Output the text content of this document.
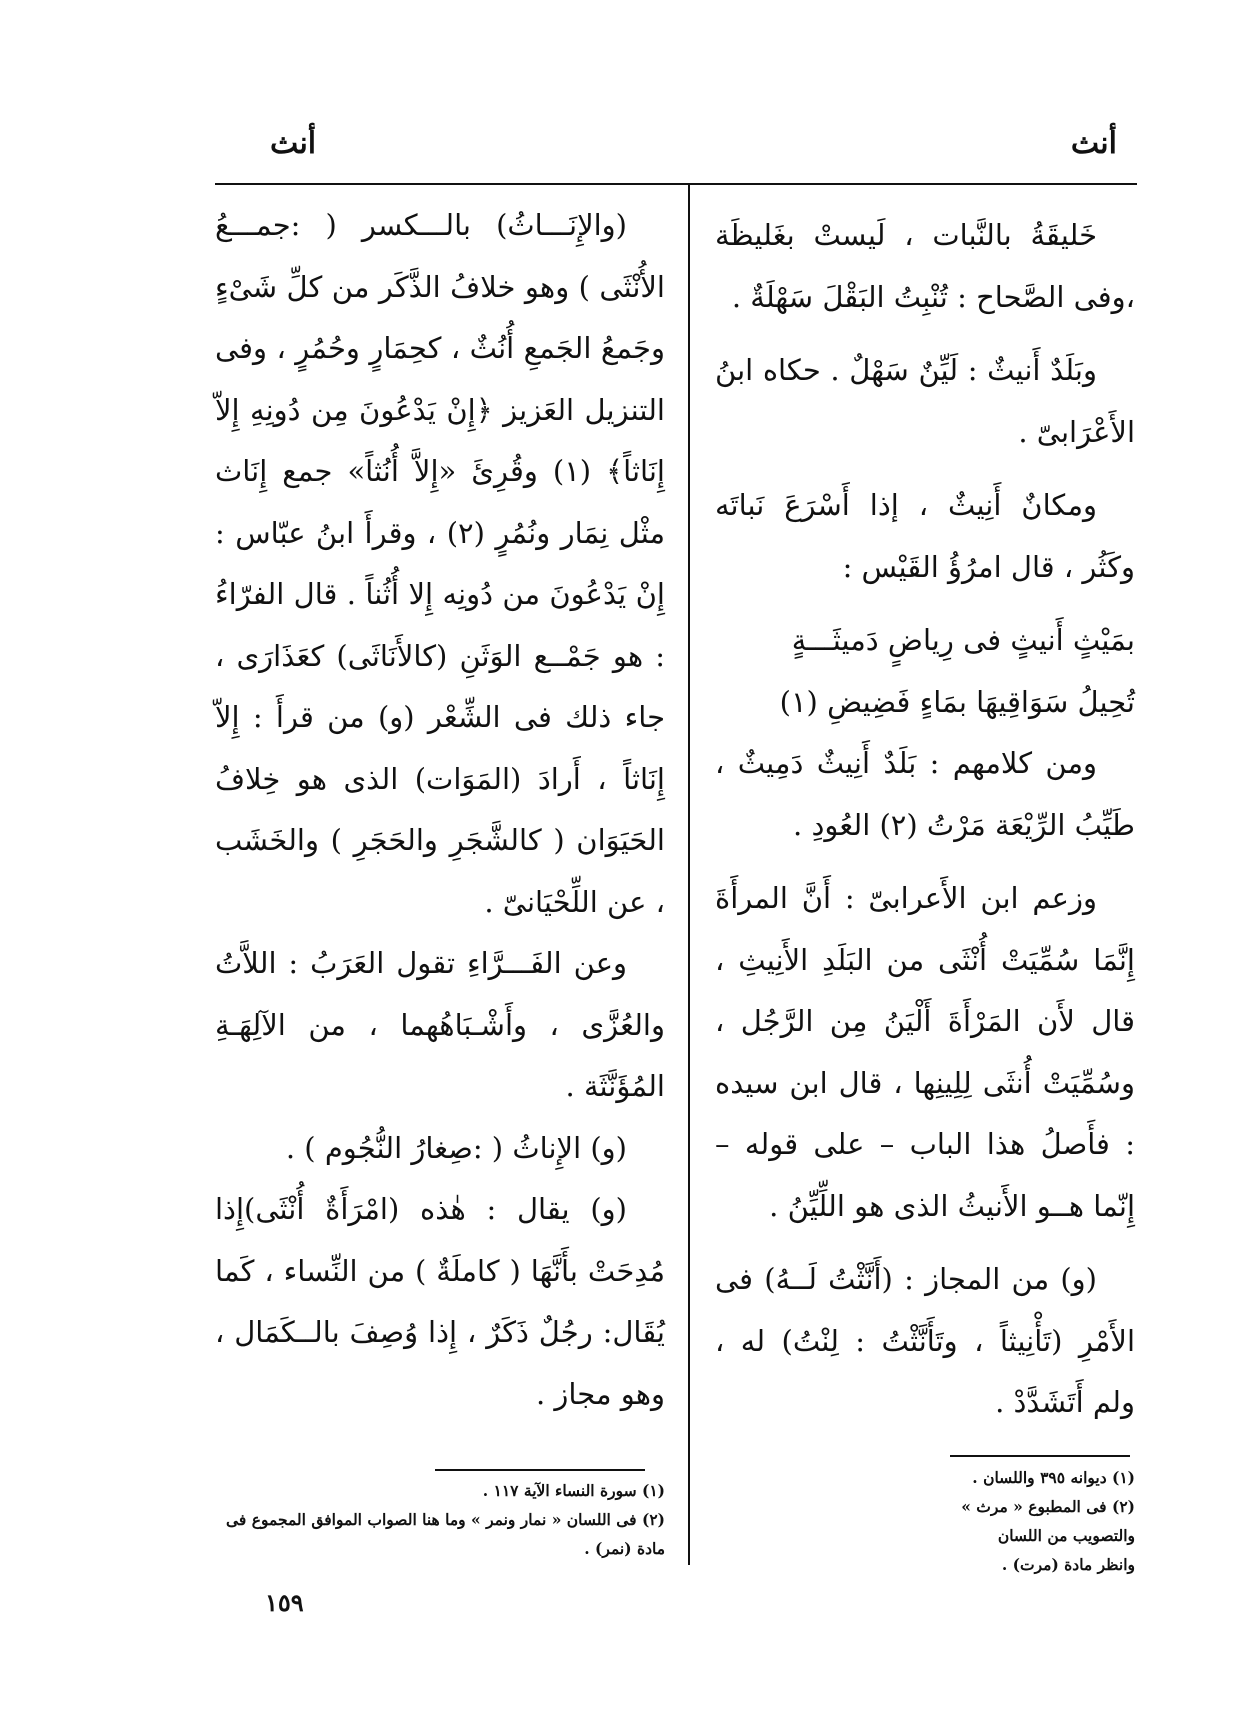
أنث
أنث

خَليقَةُ بالنَّبات ، لَيستْ بغَليظَة ،وفى الصَّحاح : تُنْبِتُ البَقْلَ سَهْلَةٌ .

وبَلَدٌ أَنيثٌ : لَيِّنٌ سَهْلٌ . حكاه ابنُ الأَعْرَابىّ .

ومكانٌ أَنِيثٌ ، إذا أَسْرَعَ نَباتَه وكَثُر ، قال امرُؤُ القَيْس :

بمَيْثٍ أَنيثٍ فى رِياضٍ دَميثَـــةٍ

تُحِيلُ سَوَاقِيهَا بمَاءٍ فَضِيضِ (١)

ومن كلامهم : بَلَدٌ أَنِيثٌ دَمِيثٌ ، طَيِّبُ الرِّيْعَة مَرْتُ (٢) العُودِ .

وزعم ابن الأَعرابىّ : أَنَّ المرأَةَ إِنَّمَا سُمِّيَتْ أُنْثَى من البَلَدِ الأَنِيثِ ، قال لأَن المَرْأَةَ أَلْيَنُ مِن الرَّجُل ، وسُمِّيَتْ أُنثَى لِلِينِها ، قال ابن سيده : فأَصلُ هذا الباب – على قوله – إِنّما هــو الأَنيثُ الذى هو اللِّيِّنُ .

(و) من المجاز : (أَنَّثْتُ لَــهُ) فى الأَمْرِ (تَأْنِيثاً ، وتَأَنَّثْتُ : لِنْتُ) له ، ولم أَتَشَدَّدْ .

(والإِنَـــاثُ) بالـــكسر ( :جمـــعُ الأُنْثَى ) وهو خلافُ الذَّكَر من كلِّ شَىْءٍ وجَمعُ الجَمعِ أُنُثٌ ، كحِمَارٍ وحُمُرٍ ، وفى التنزيل العَزيز ﴿إِنْ يَدْعُونَ مِن دُونِهِ إِلاّ إِنَاثاً﴾ (١) وقُرِئَ «إِلاَّ أُنُثاً» جمع إِنَاث مثْل نِمَار ونُمُرٍ (٢) ، وقرأَ ابنُ عبّاس : إِنْ يَدْعُونَ من دُونِه إِلا أُثُناً . قال الفرّاءُ : هو جَمْــع الوَثَنِ (كالأَنَاثَى) كعَذَارَى ، جاء ذلك فى الشِّعْر (و) من قرأَ : إِلاّ إِنَاثاً ، أَرادَ (المَوَات) الذى هو خِلافُ الحَيَوَان ( كالشَّجَرِ والحَجَرِ ) والخَشَب ، عن اللِّحْيَانىّ .

وعن الفَـــرَّاءِ تقول العَرَبُ : اللاَّتُ والعُزَّى ، وأَشْـبَاهُهما ، من الآلِهَـةِ المُؤَنَّثَة .

(و) الإِناثُ ( :صِغارُ النُّجُوم ) .

(و) يقال : هٰذه (امْرَأَةٌ أُنْثَى)إِذا مُدِحَتْ بأَنَّهَا ( كاملَةٌ ) من النِّساء ، كَما يُقَال: رجُلٌ ذَكَرٌ ، إِذا وُصِفَ بالــكَمَال ، وهو مجاز .

(١) ديوانه ٣٩٥ واللسان .

(٢) فى المطبوع « مرث » والتصويب من اللسان وانظر مادة (مرت) .

(١) سورة النساء الآية ١١٧ .

(٢) فى اللسان « نمار ونمر » وما هنا الصواب الموافق المجموع فى مادة (نمر) .

١٥٩
